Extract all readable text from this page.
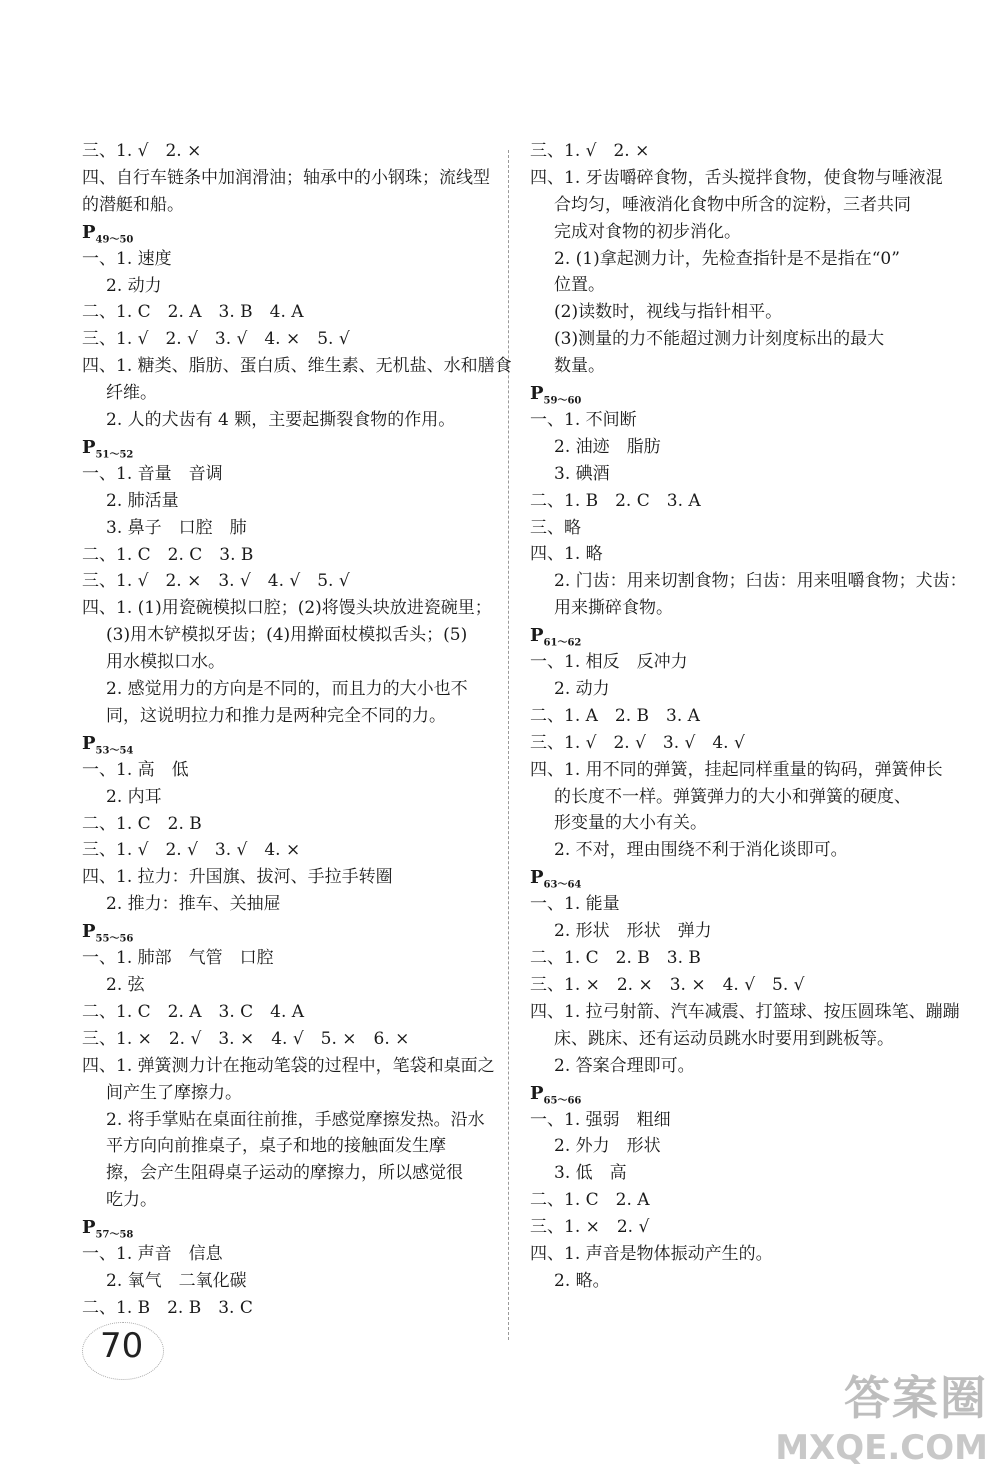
三、1. √　2. ×
四、自行车链条中加润滑油；轴承中的小钢珠；流线型
的潜艇和船。
$P_{49\sim 50}$
一、1. 速度
2. 动力
二、1. C　2. A　3. B　4. A
三、1. √　2. √　3. √　4. ×　5. √
四、1. 糖类、脂肪、蛋白质、维生素、无机盐、水和膳食
纤维。
2. 人的犬齿有 4 颗，主要起撕裂食物的作用。
$P_{51\sim 52}$
一、1. 音量　音调
2. 肺活量
3. 鼻子　口腔　肺
二、1. C　2. C　3. B
三、1. √　2. ×　3. √　4. √　5. √
四、1. (1)用瓷碗模拟口腔；(2)将馒头块放进瓷碗里；
(3)用木铲模拟牙齿；(4)用擀面杖模拟舌头；(5)
用水模拟口水。
2. 感觉用力的方向是不同的，而且力的大小也不
同，这说明拉力和推力是两种完全不同的力。
$P_{53\sim 54}$
一、1. 高　低
2. 内耳
二、1. C　2. B
三、1. √　2. √　3. √　4. ×
四、1. 拉力：升国旗、拔河、手拉手转圈
2. 推力：推车、关抽屉
$P_{55\sim 56}$
一、1. 肺部　气管　口腔
2. 弦
二、1. C　2. A　3. C　4. A
三、1. ×　2. √　3. ×　4. √　5. ×　6. ×
四、1. 弹簧测力计在拖动笔袋的过程中，笔袋和桌面之
间产生了摩擦力。
2. 将手掌贴在桌面往前推，手感觉摩擦发热。沿水
平方向向前推桌子，桌子和地的接触面发生摩
擦，会产生阻碍桌子运动的摩擦力，所以感觉很
吃力。
$P_{57\sim 58}$
一、1. 声音　信息
2. 氧气　二氧化碳
二、1. B　2. B　3. C
三、1. √　2. ×
四、1. 牙齿嚼碎食物，舌头搅拌食物，使食物与唾液混
合均匀，唾液消化食物中所含的淀粉，三者共同
完成对食物的初步消化。
2. (1)拿起测力计，先检查指针是不是指在“0”
位置。
(2)读数时，视线与指针相平。
(3)测量的力不能超过测力计刻度标出的最大
数量。
$P_{59\sim 60}$
一、1. 不间断
2. 油迹　脂肪
3. 碘酒
二、1. B　2. C　3. A
三、略
四、1. 略
2. 门齿：用来切割食物；臼齿：用来咀嚼食物；犬齿：
用来撕碎食物。
$P_{61\sim 62}$
一、1. 相反　反冲力
2. 动力
二、1. A　2. B　3. A
三、1. √　2. √　3. √　4. √
四、1. 用不同的弹簧，挂起同样重量的钩码，弹簧伸长
的长度不一样。弹簧弹力的大小和弹簧的硬度、
形变量的大小有关。
2. 不对，理由围绕不利于消化谈即可。
$P_{63\sim 64}$
一、1. 能量
2. 形状　形状　弹力
二、1. C　2. B　3. B
三、1. ×　2. ×　3. ×　4. √　5. √
四、1. 拉弓射箭、汽车减震、打篮球、按压圆珠笔、蹦蹦
床、跳床、还有运动员跳水时要用到跳板等。
2. 答案合理即可。
$P_{65\sim 66}$
一、1. 强弱　粗细
2. 外力　形状
3. 低　高
二、1. C　2. A
三、1. ×　2. √
四、1. 声音是物体振动产生的。
2. 略。
70
答案圈
MXQE.COM
